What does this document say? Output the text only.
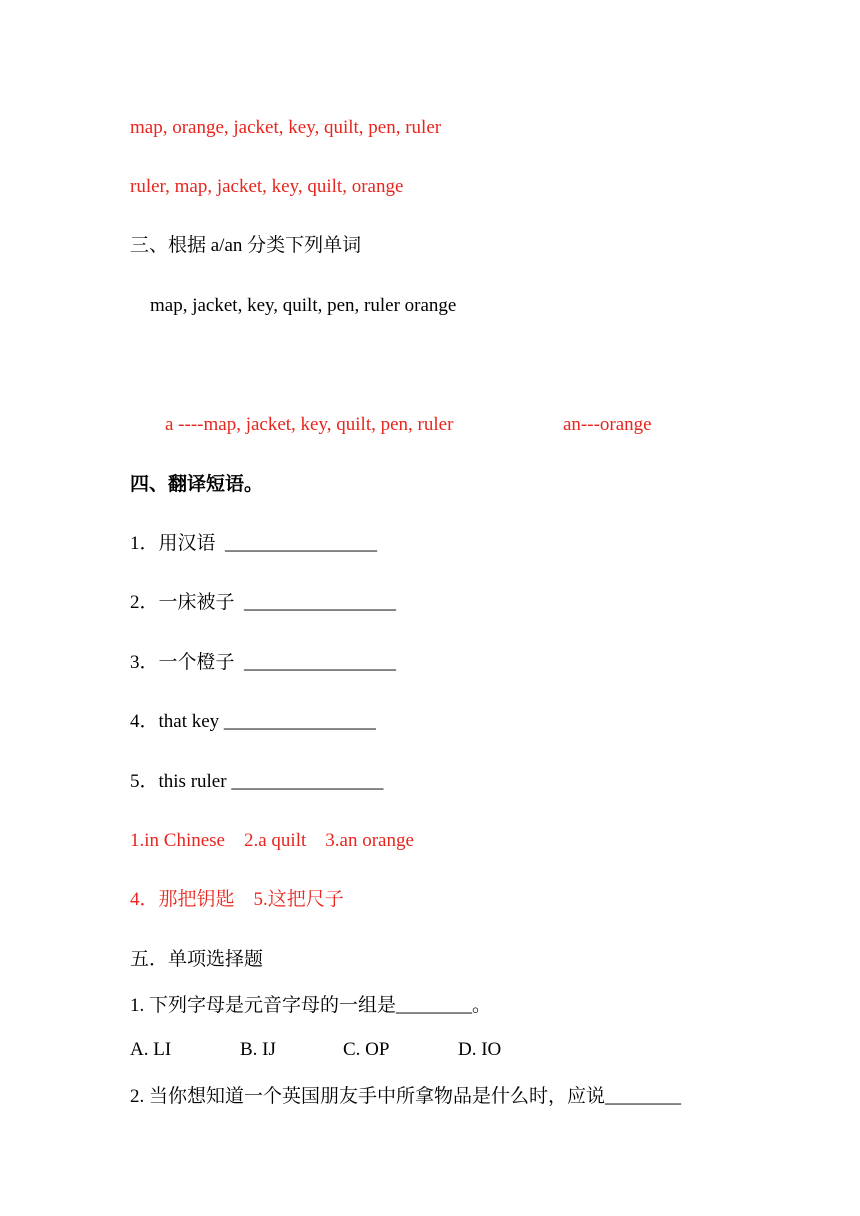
map, orange, jacket, key, quilt, pen, ruler
ruler, map, jacket, key, quilt, orange
三、根据 a/an 分类下列单词
map, jacket, key, quilt, pen, ruler orange
a ----map, jacket, key, quilt, pen, ruler	an---orange
四、翻译短语。
1．用汉语  ________________
2．一床被子  ________________
3．一个橙子  ________________
4．that key ________________
5．this ruler ________________
1.in Chinese    2.a quilt    3.an orange
4．那把钥匙    5.这把尺子
五．单项选择题
1. 下列字母是元音字母的一组是________。
A. LI	B. IJ	C. OP	D. IO
2. 当你想知道一个英国朋友手中所拿物品是什么时，应说________
